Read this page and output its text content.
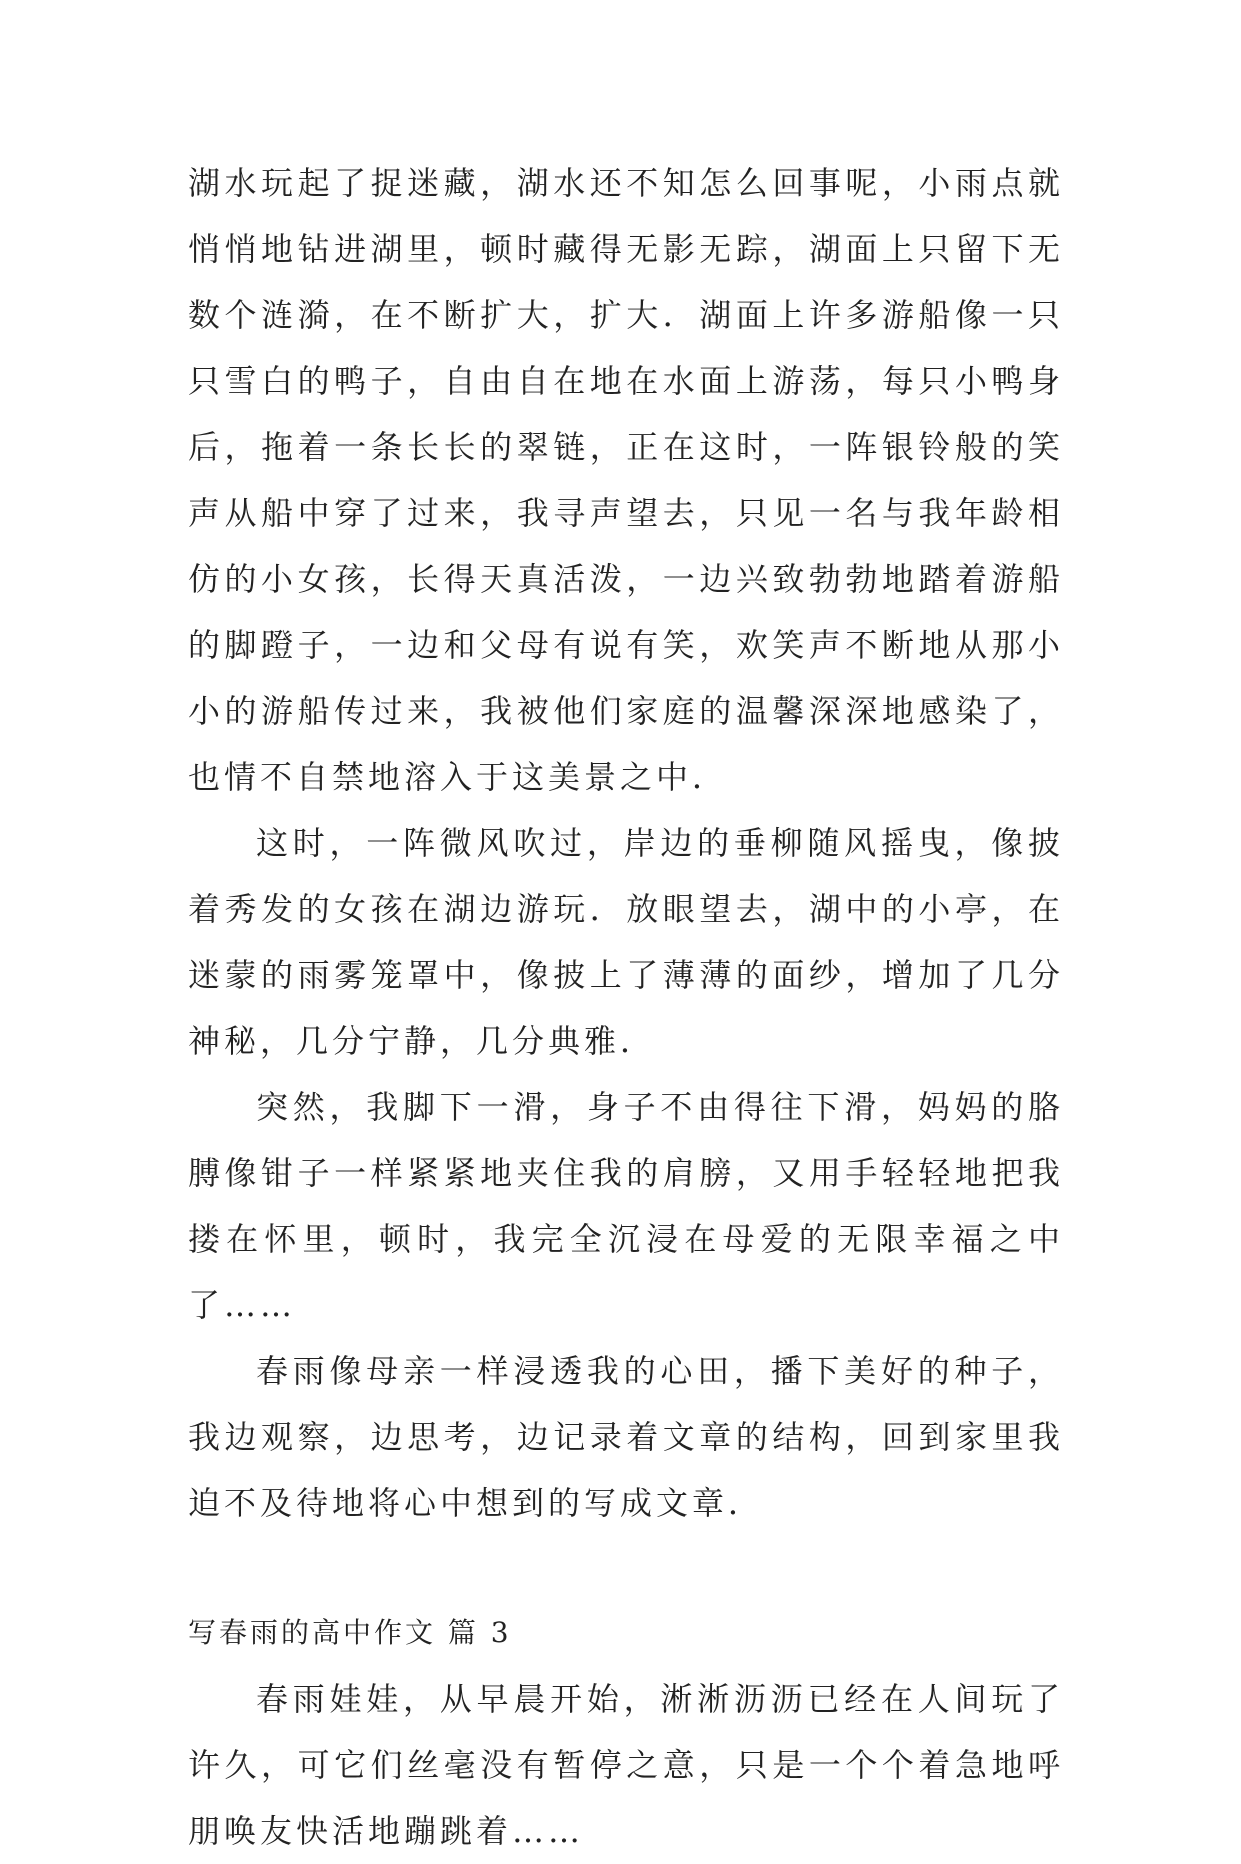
湖水玩起了捉迷藏，湖水还不知怎么回事呢，小雨点就悄悄地钻进湖里，顿时藏得无影无踪，湖面上只留下无数个涟漪，在不断扩大，扩大．湖面上许多游船像一只只雪白的鸭子，自由自在地在水面上游荡，每只小鸭身后，拖着一条长长的翠链，正在这时，一阵银铃般的笑声从船中穿了过来，我寻声望去，只见一名与我年龄相仿的小女孩，长得天真活泼，一边兴致勃勃地踏着游船的脚蹬子，一边和父母有说有笑，欢笑声不断地从那小小的游船传过来，我被他们家庭的温馨深深地感染了，也情不自禁地溶入于这美景之中．

这时，一阵微风吹过，岸边的垂柳随风摇曳，像披着秀发的女孩在湖边游玩．放眼望去，湖中的小亭，在迷蒙的雨雾笼罩中，像披上了薄薄的面纱，增加了几分神秘，几分宁静，几分典雅．

突然，我脚下一滑，身子不由得往下滑，妈妈的胳膊像钳子一样紧紧地夹住我的肩膀，又用手轻轻地把我搂在怀里，顿时，我完全沉浸在母爱的无限幸福之中了……

春雨像母亲一样浸透我的心田，播下美好的种子，我边观察，边思考，边记录着文章的结构，回到家里我迫不及待地将心中想到的写成文章．

写春雨的高中作文 篇 3

春雨娃娃，从早晨开始，淅淅沥沥已经在人间玩了许久，可它们丝毫没有暂停之意，只是一个个着急地呼朋唤友快活地蹦跳着……
